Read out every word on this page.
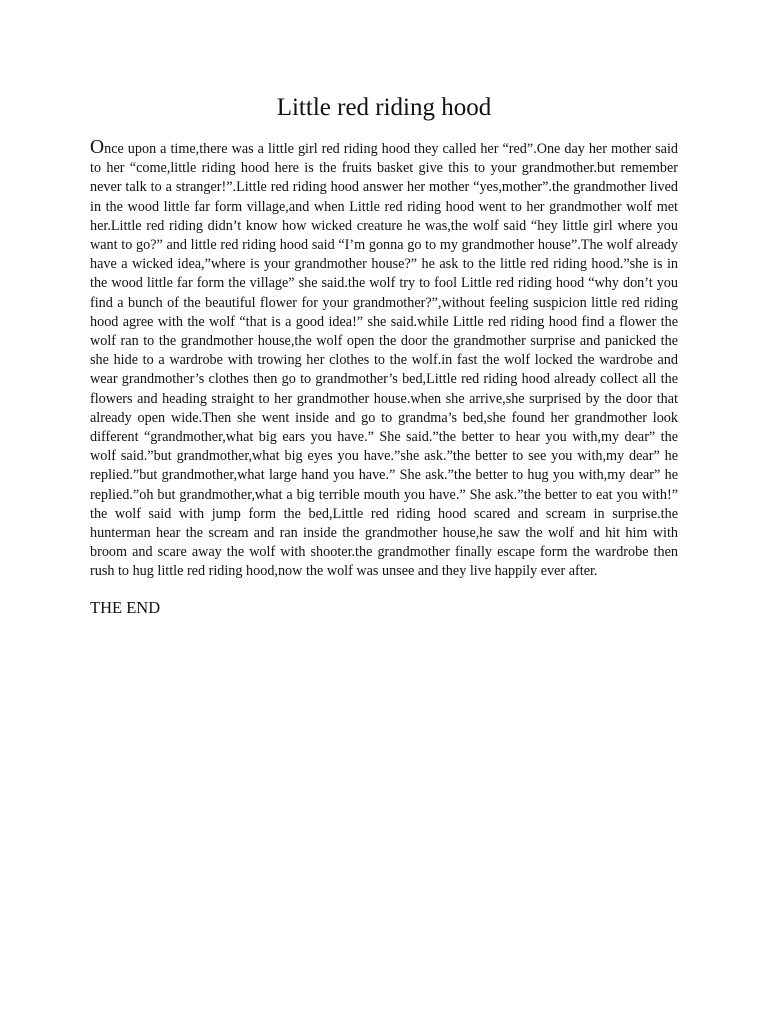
Little red riding hood

Once upon a time,there was a little girl red riding hood they called her “red”.One day her mother said to her “come,little riding hood here is the fruits basket give this to your grandmother.but remember never talk to a stranger!”.Little red riding hood answer her mother “yes,mother”.the grandmother lived in the wood little far form village,and when Little red riding hood went to her grandmother wolf met her.Little red riding didn’t know how wicked creature he was,the wolf said “hey little girl where you want to go?” and little red riding hood said “I’m gonna go to my grandmother house”.The wolf already have a wicked idea,”where is your grandmother house?” he ask to the little red riding hood.”she is in the wood little far form the village” she said.the wolf try to fool Little red riding hood “why don’t you find a bunch of the beautiful flower for your grandmother?”,without feeling suspicion little red riding hood agree with the wolf “that is a good idea!” she said.while Little red riding hood find a flower the wolf ran to the grandmother house,the wolf open the door the grandmother surprise and panicked the she hide to a wardrobe with trowing her clothes to the wolf.in fast the wolf locked the wardrobe and wear grandmother’s clothes then go to grandmother’s bed,Little red riding hood already collect all the flowers and heading straight to her grandmother house.when she arrive,she surprised by the door that already open wide.Then she went inside and go to grandma’s bed,she found her grandmother look different “grandmother,what big ears you have.” She said.”the better to hear you with,my dear” the wolf said.”but grandmother,what big eyes you have.”she ask.”the better to see you with,my dear” he replied.”but grandmother,what large hand you have.” She ask.”the better to hug you with,my dear” he replied.”oh but grandmother,what a big terrible mouth you have.” She ask.”the better to eat you with!” the wolf said with jump form the bed,Little red riding hood scared and scream in surprise.the hunterman hear the scream and ran inside the grandmother house,he saw the wolf and hit him with broom and scare away the wolf with shooter.the grandmother finally escape form the wardrobe then rush to hug little red riding hood,now the wolf was unsee and they live happily ever after.

THE END
